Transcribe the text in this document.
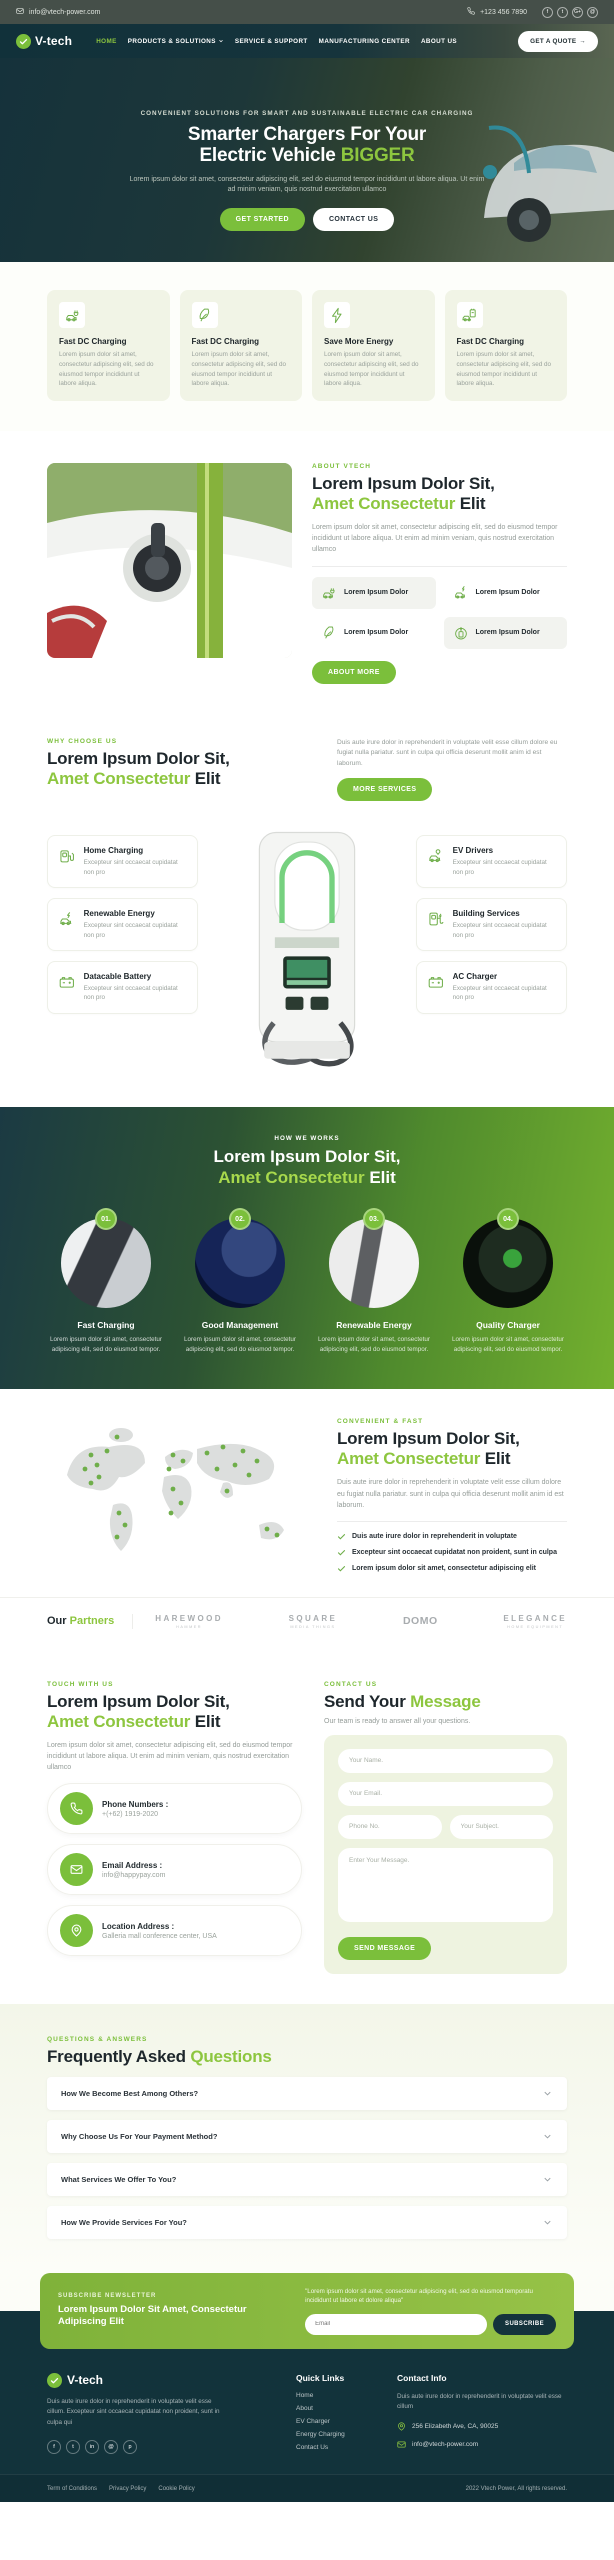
info@vtech-power.com	+123 456 7890	f	t	G+	@
V-tech	HOME PRODUCTS & SOLUTIONS	SERVICE & SUPPORT MANUFACTURING CENTER ABOUT US	GET A QUOTE →
CONVENIENT SOLUTIONS FOR SMART AND SUSTAINABLE ELECTRIC CAR CHARGING
Smarter Chargers For Your
Electric Vehicle BIGGER
Lorem ipsum dolor sit amet, consectetur adipiscing elit, sed do eiusmod tempor incididunt ut labore aliqua. Ut enim ad minim veniam, quis nostrud exercitation ullamco
GET STARTED	CONTACT US
Fast DC Charging

Lorem ipsum dolor sit amet, consectetur adipiscing elit, sed do eiusmod tempor incididunt ut labore aliqua.

Fast DC Charging

Lorem ipsum dolor sit amet, consectetur adipiscing elit, sed do eiusmod tempor incididunt ut labore aliqua.

Save More Energy

Lorem ipsum dolor sit amet, consectetur adipiscing elit, sed do eiusmod tempor incididunt ut labore aliqua.

Fast DC Charging

Lorem ipsum dolor sit amet, consectetur adipiscing elit, sed do eiusmod tempor incididunt ut labore aliqua.

ABOUT VTECH
Lorem Ipsum Dolor Sit,
Amet Consectetur Elit
Lorem ipsum dolor sit amet, consectetur adipiscing elit, sed do eiusmod tempor incididunt ut labore aliqua. Ut enim ad minim veniam, quis nostrud exercitation ullamco
Lorem Ipsum Dolor	Lorem Ipsum Dolor
Lorem Ipsum Dolor	Lorem Ipsum Dolor
ABOUT MORE
WHY CHOOSE US
Lorem Ipsum Dolor Sit,
Amet Consectetur Elit
Duis aute irure dolor in reprehenderit in voluptate velit esse cillum dolore eu fugiat nulla pariatur. sunt in culpa qui officia deserunt mollit anim id est laborum.
MORE SERVICES
Home Charging

Excepteur sint occaecat cupidatat non pro

Renewable Energy

Excepteur sint occaecat cupidatat non pro

Datacable Battery

Excepteur sint occaecat cupidatat non pro

EV Drivers

Excepteur sint occaecat cupidatat non pro

Building Services

Excepteur sint occaecat cupidatat non pro

AC Charger

Excepteur sint occaecat cupidatat non pro

HOW WE WORKS
Lorem Ipsum Dolor Sit,
Amet Consectetur Elit
01.
Fast Charging

Lorem ipsum dolor sit amet, consectetur adipiscing elit, sed do eiusmod tempor.

02.
Good Management

Lorem ipsum dolor sit amet, consectetur adipiscing elit, sed do eiusmod tempor.

03.
Renewable Energy

Lorem ipsum dolor sit amet, consectetur adipiscing elit, sed do eiusmod tempor.

04.
Quality Charger

Lorem ipsum dolor sit amet, consectetur adipiscing elit, sed do eiusmod tempor.

CONVENIENT & FAST
Lorem Ipsum Dolor Sit,
Amet Consectetur Elit
Duis aute irure dolor in reprehenderit in voluptate velit esse cillum dolore eu fugiat nulla pariatur. sunt in culpa qui officia deserunt mollit anim id est laborum.
Duis aute irure dolor in reprehenderit in voluptate
Excepteur sint occaecat cupidatat non proident, sunt in culpa
Lorem ipsum dolor sit amet, consectetur adipiscing elit
Our Partners	HAREWOOD
HAMMER
SQUARE
MEDIA THINGS	DOMO	ELEGANCE
HOME EQUIPMENT
TOUCH WITH US
Lorem Ipsum Dolor Sit,
Amet Consectetur Elit
Lorem ipsum dolor sit amet, consectetur adipiscing elit, sed do eiusmod tempor incididunt ut labore aliqua. Ut enim ad minim veniam, quis nostrud exercitation ullamco
Phone Numbers :
+(+62) 1919-2020
Email Address :
info@happypay.com
Location Address :
Galleria mall conference center, USA
CONTACT US
Send Your Message
Our team is ready to answer all your questions.
Your Name. Your Email.
Phone No.
Your Subject.
Enter Your Message. SEND MESSAGE
QUESTIONS & ANSWERS
Frequently Asked Questions
How We Become Best Among Others?
Why Choose Us For Your Payment Method?
What Services We Offer To You?
How We Provide Services For You?
SUBSCRIBE NEWSLETTER
Lorem Ipsum Dolor Sit Amet, Consectetur Adipiscing Elit
"Lorem ipsum dolor sit amet, consectetur adipiscing elit, sed do eiusmod temporatu incididunt ut labore et dolore aliqua"
Email
SUBSCRIBE
V-tech
Duis aute irure dolor in reprehenderit in voluptate velit esse cillum. Excepteur sint occaecat cupidatat non proident, sunt in culpa qui
f	t	in	@	p
Quick Links
Home
About
EV Charger
Energy Charging
Contact Us
Contact Info
Duis aute irure dolor in reprehenderit in voluptate velit esse cillum
256 Elizabeth Ave, CA, 90025
info@vtech-power.com
Term of Conditions Privacy Policy Cookie Policy	2022 Vtech Power, All rights reserved.
